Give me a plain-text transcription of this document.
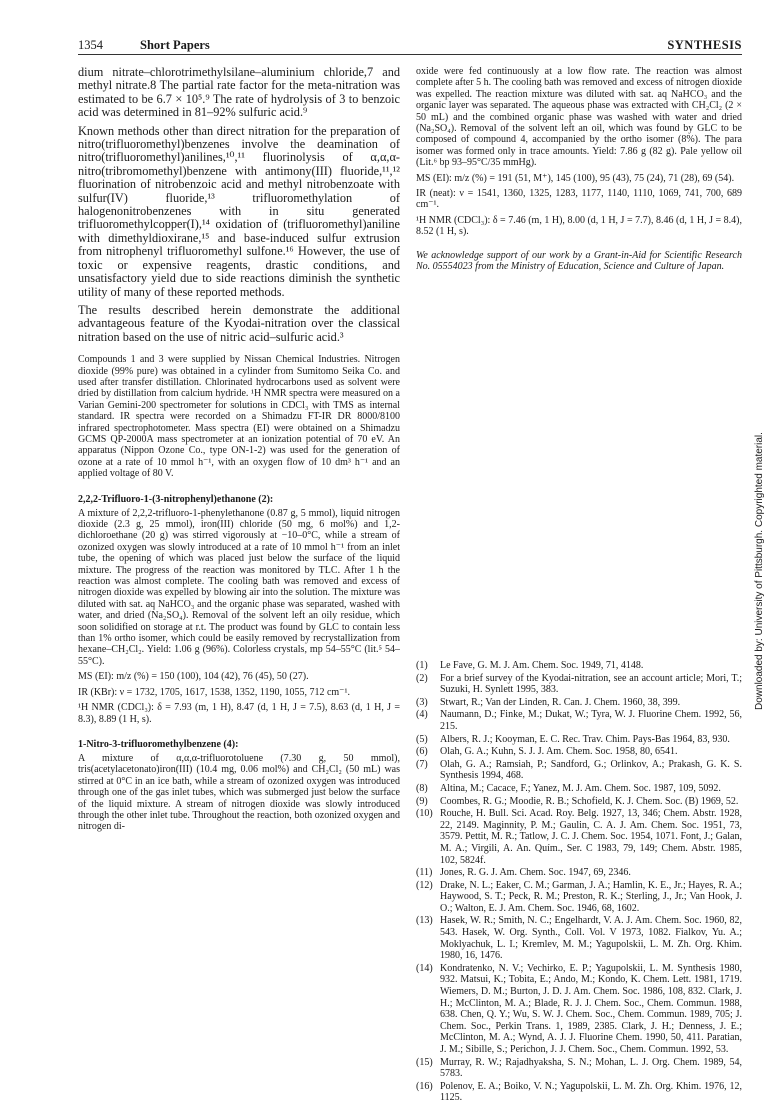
1354	Short Papers	SYNTHESIS

dium nitrate–chlorotrimethylsilane–aluminium chloride,7 and methyl nitrate.8 The partial rate factor for the meta-nitration was estimated to be 6.7 × 10⁵.⁹ The rate of hydrolysis of 3 to benzoic acid was determined in 81–92% sulfuric acid.⁹

Known methods other than direct nitration for the preparation of nitro(trifluoromethyl)benzenes involve the deamination of nitro(trifluoromethyl)anilines,¹⁰,¹¹ fluorinolysis of α,α,α-nitro(tribromomethyl)benzene with antimony(III) fluoride,¹¹,¹² fluorination of nitrobenzoic acid and methyl nitrobenzoate with sulfur(IV) fluoride,¹³ trifluoromethylation of halogenonitrobenzenes with in situ generated trifluoromethylcopper(I),¹⁴ oxidation of (trifluoromethyl)aniline with dimethyldioxirane,¹⁵ and base-induced sulfur extrusion from nitrophenyl trifluoromethyl sulfone.¹⁶ However, the use of toxic or expensive reagents, drastic conditions, and unsatisfactory yield due to side reactions diminish the synthetic utility of many of these reported methods.

The results described herein demonstrate the additional advantageous feature of the Kyodai-nitration over the classical nitration based on the use of nitric acid–sulfuric acid.³

Compounds 1 and 3 were supplied by Nissan Chemical Industries. Nitrogen dioxide (99% pure) was obtained in a cylinder from Sumitomo Seika Co. and used after transfer distillation. Chlorinated hydrocarbons used as solvent were dried by distillation from calcium hydride. ¹H NMR spectra were measured on a Varian Gemini-200 spectrometer for solutions in CDCl₃ with TMS as internal standard. IR spectra were recorded on a Shimadzu FT-IR DR 8000/8100 infrared spectrophotometer. Mass spectra (EI) were obtained on a Shimadzu GCMS QP-2000A mass spectrometer at an ionization potential of 70 eV. An apparatus (Nippon Ozone Co., type ON-1-2) was used for the generation of ozone at a rate of 10 mmol h⁻¹, with an oxygen flow of 10 dm³ h⁻¹ and an applied voltage of 80 V.

2,2,2-Trifluoro-1-(3-nitrophenyl)ethanone (2):

A mixture of 2,2,2-trifluoro-1-phenylethanone (0.87 g, 5 mmol), liquid nitrogen dioxide (2.3 g, 25 mmol), iron(III) chloride (50 mg, 6 mol%) and 1,2-dichloroethane (20 g) was stirred vigorously at −10–0°C, while a stream of ozonized oxygen was slowly introduced at a rate of 10 mmol h⁻¹ from an inlet tube, the opening of which was placed just below the surface of the liquid mixture. The progress of the reaction was monitored by TLC. After 1 h the reaction was almost complete. The cooling bath was removed and excess of nitrogen dioxide was expelled by blowing air into the solution. The mixture was diluted with sat. aq NaHCO₃ and the organic phase was separated, washed with water, and dried (Na₂SO₄). Removal of the solvent left an oily residue, which soon solidified on storage at r.t. The product was found by GLC to contain less than 1% ortho isomer, which could be easily removed by recrystallization from hexane–CH₂Cl₂. Yield: 1.06 g (96%). Colorless crystals, mp 54–55°C (lit.⁵ 54–55°C).

MS (EI): m/z (%) = 150 (100), 104 (42), 76 (45), 50 (27).

IR (KBr): ν = 1732, 1705, 1617, 1538, 1352, 1190, 1055, 712 cm⁻¹.

¹H NMR (CDCl₃): δ = 7.93 (m, 1 H), 8.47 (d, 1 H, J = 7.5), 8.63 (d, 1 H, J = 8.3), 8.89 (1 H, s).

1-Nitro-3-trifluoromethylbenzene (4):

A mixture of α,α,α-trifluorotoluene (7.30 g, 50 mmol), tris(acetylacetonato)iron(III) (10.4 mg, 0.06 mol%) and CH₂Cl₂ (50 mL) was stirred at 0°C in an ice bath, while a stream of ozonized oxygen was introduced through one of the gas inlet tubes, which was submerged just below the surface of the liquid mixture. A stream of nitrogen dioxide was slowly introduced through the other inlet tube. Throughout the reaction, both ozonized oxygen and nitrogen di-

oxide were fed continuously at a low flow rate. The reaction was almost complete after 5 h. The cooling bath was removed and excess of nitrogen dioxide was expelled. The reaction mixture was diluted with sat. aq NaHCO₃ and the organic layer was separated. The aqueous phase was extracted with CH₂Cl₂ (2 × 50 mL) and the combined organic phase was washed with water and dried (Na₂SO₄). Removal of the solvent left an oil, which was found by GLC to be composed of compound 4, accompanied by the ortho isomer (8%). The para isomer was formed only in trace amounts. Yield: 7.86 g (82 g). Pale yellow oil (Lit.⁶ bp 93–95°C/35 mmHg).

MS (EI): m/z (%) = 191 (51, M⁺), 145 (100), 95 (43), 75 (24), 71 (28), 69 (54).

IR (neat): ν = 1541, 1360, 1325, 1283, 1177, 1140, 1110, 1069, 741, 700, 689 cm⁻¹.

¹H NMR (CDCl₃): δ = 7.46 (m, 1 H), 8.00 (d, 1 H, J = 7.7), 8.46 (d, 1 H, J = 8.4), 8.52 (1 H, s).

We acknowledge support of our work by a Grant-in-Aid for Scientific Research No. 05554023 from the Ministry of Education, Science and Culture of Japan.

(1)	Le Fave, G. M. J. Am. Chem. Soc. 1949, 71, 4148.
(2)	For a brief survey of the Kyodai-nitration, see an account article; Mori, T.; Suzuki, H. Synlett 1995, 383.
(3)	Stwart, R.; Van der Linden, R. Can. J. Chem. 1960, 38, 399.
(4)	Naumann, D.; Finke, M.; Dukat, W.; Tyra, W. J. Fluorine Chem. 1992, 56, 215.
(5)	Albers, R. J.; Kooyman, E. C. Rec. Trav. Chim. Pays-Bas 1964, 83, 930.
(6)	Olah, G. A.; Kuhn, S. J. J. Am. Chem. Soc. 1958, 80, 6541.
(7)	Olah, G. A.; Ramsiah, P.; Sandford, G.; Orlinkov, A.; Prakash, G. K. S. Synthesis 1994, 468.
(8)	Altina, M.; Cacace, F.; Yanez, M. J. Am. Chem. Soc. 1987, 109, 5092.
(9)	Coombes, R. G.; Moodie, R. B.; Schofield, K. J. Chem. Soc. (B) 1969, 52.
(10) Rouche, H. Bull. Sci. Acad. Roy. Belg. 1927, 13, 346; Chem. Abstr. 1928, 22, 2149. Maginnity, P. M.; Gaulin, C. A. J. Am. Chem. Soc. 1951, 73, 3579. Pettit, M. R.; Tatlow, J. C. J. Chem. Soc. 1954, 1071. Font, J.; Galan, M. A.; Virgili, A. An. Quím., Ser. C 1983, 79, 149; Chem. Abstr. 1985, 102, 5824f.
(11) Jones, R. G. J. Am. Chem. Soc. 1947, 69, 2346.
(12) Drake, N. L.; Eaker, C. M.; Garman, J. A.; Hamlin, K. E., Jr.; Hayes, R. A.; Haywood, S. T.; Peck, R. M.; Preston, R. K.; Sterling, J., Jr.; Van Hook, J. O.; Walton, E. J. Am. Chem. Soc. 1946, 68, 1602.
(13) Hasek, W. R.; Smith, N. C.; Engelhardt, V. A. J. Am. Chem. Soc. 1960, 82, 543. Hasek, W. Org. Synth., Coll. Vol. V 1973, 1082. Fialkov, Yu. A.; Moklyachuk, L. I.; Kremlev, M. M.; Yagupolskii, L. M. Zh. Org. Khim. 1980, 16, 1476.
(14) Kondratenko, N. V.; Vechirko, E. P.; Yagupolskii, L. M. Synthesis 1980, 932. Matsui, K.; Tobita, E.; Ando, M.; Kondo, K. Chem. Lett. 1981, 1719. Wiemers, D. M.; Burton, J. D. J. Am. Chem. Soc. 1986, 108, 832. Clark, J. H.; McClinton, M. A.; Blade, R. J. J. Chem. Soc., Chem. Commun. 1988, 638. Chen, Q. Y.; Wu, S. W. J. Chem. Soc., Chem. Commun. 1989, 705; J. Chem. Soc., Perkin Trans. 1, 1989, 2385. Clark, J. H.; Denness, J. E.; McClinton, M. A.; Wynd, A. J. J. Fluorine Chem. 1990, 50, 411. Paratian, J. M.; Sibille, S.; Perichon, J. J. Chem. Soc., Chem. Commun. 1992, 53.
(15) Murray, R. W.; Rajadhyaksha, S. N.; Mohan, L. J. Org. Chem. 1989, 54, 5783.
(16) Polenov, E. A.; Boiko, V. N.; Yagupolskii, L. M. Zh. Org. Khim. 1976, 12, 1125.
Downloaded by: University of Pittsburgh. Copyrighted material.
